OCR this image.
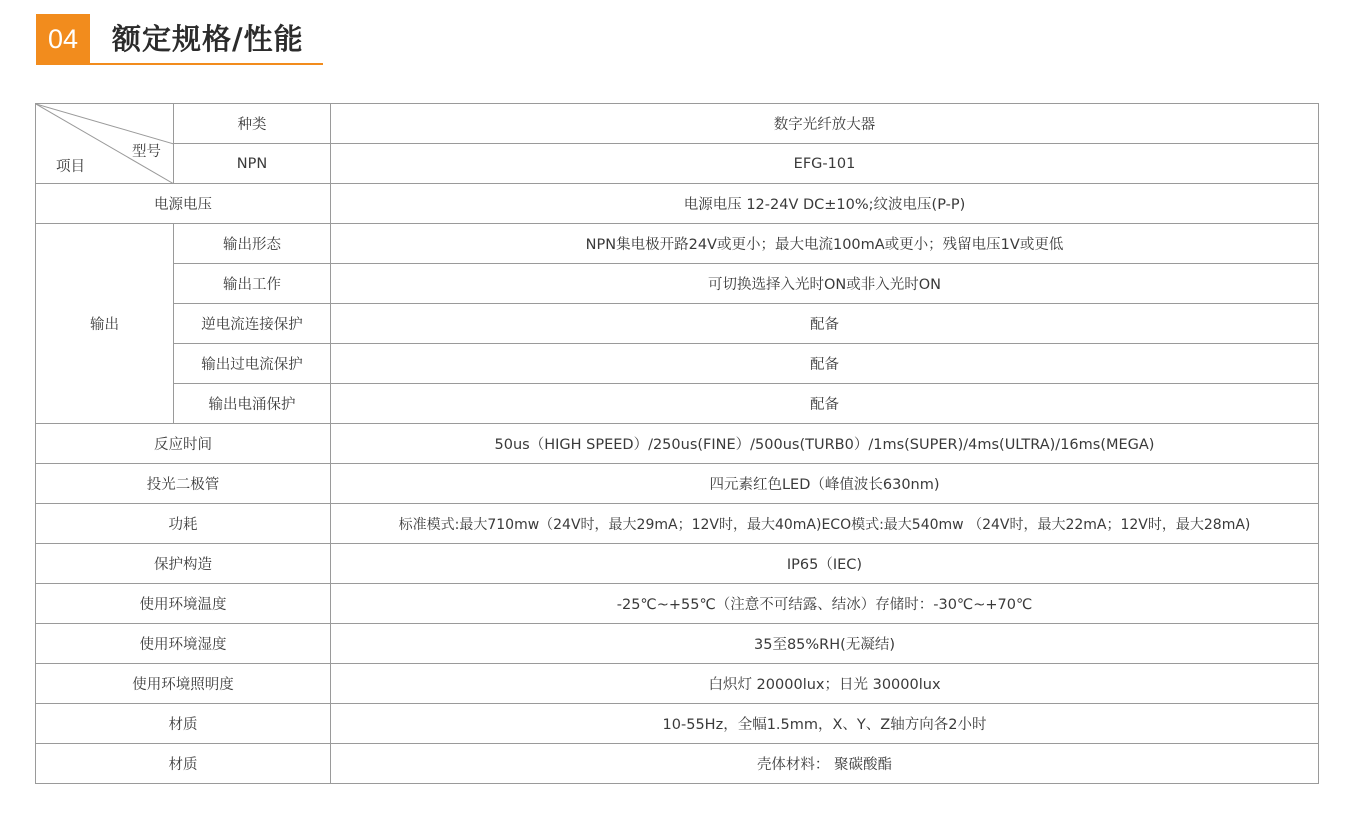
04	额定规格/性能
型号
项目	种类	数字光纤放大器
	NPN	EFG-101
电源电压		电源电压 12-24V DC±10%;纹波电压(P-P)
输出	输出形态	NPN集电极开路24V或更小；最大电流100mA或更小；残留电压1V或更低
	输出工作	可切换选择入光时ON或非入光时ON
	逆电流连接保护	配备
	输出过电流保护	配备
	输出电涌保护	配备
反应时间		50us（HIGH SPEED）/250us(FINE）/500us(TURB0）/1ms(SUPER)/4ms(ULTRA)/16ms(MEGA)
投光二极管		四元素红色LED（峰值波长630nm)
功耗		标准模式:最大710mw（24V时，最大29mA；12V时，最大40mA)ECO模式:最大540mw （24V时，最大22mA；12V时，最大28mA)
保护构造		IP65（IEC)
使用环境温度		-25℃~+55℃（注意不可结露、结冰）存储时：-30℃~+70℃
使用环境湿度		35至85%RH(无凝结)
使用环境照明度		白炽灯 20000lux；日光 30000lux
材质		10-55Hz，全幅1.5mm，X、Y、Z轴方向各2小时
材质		壳体材料： 聚碳酸酯
